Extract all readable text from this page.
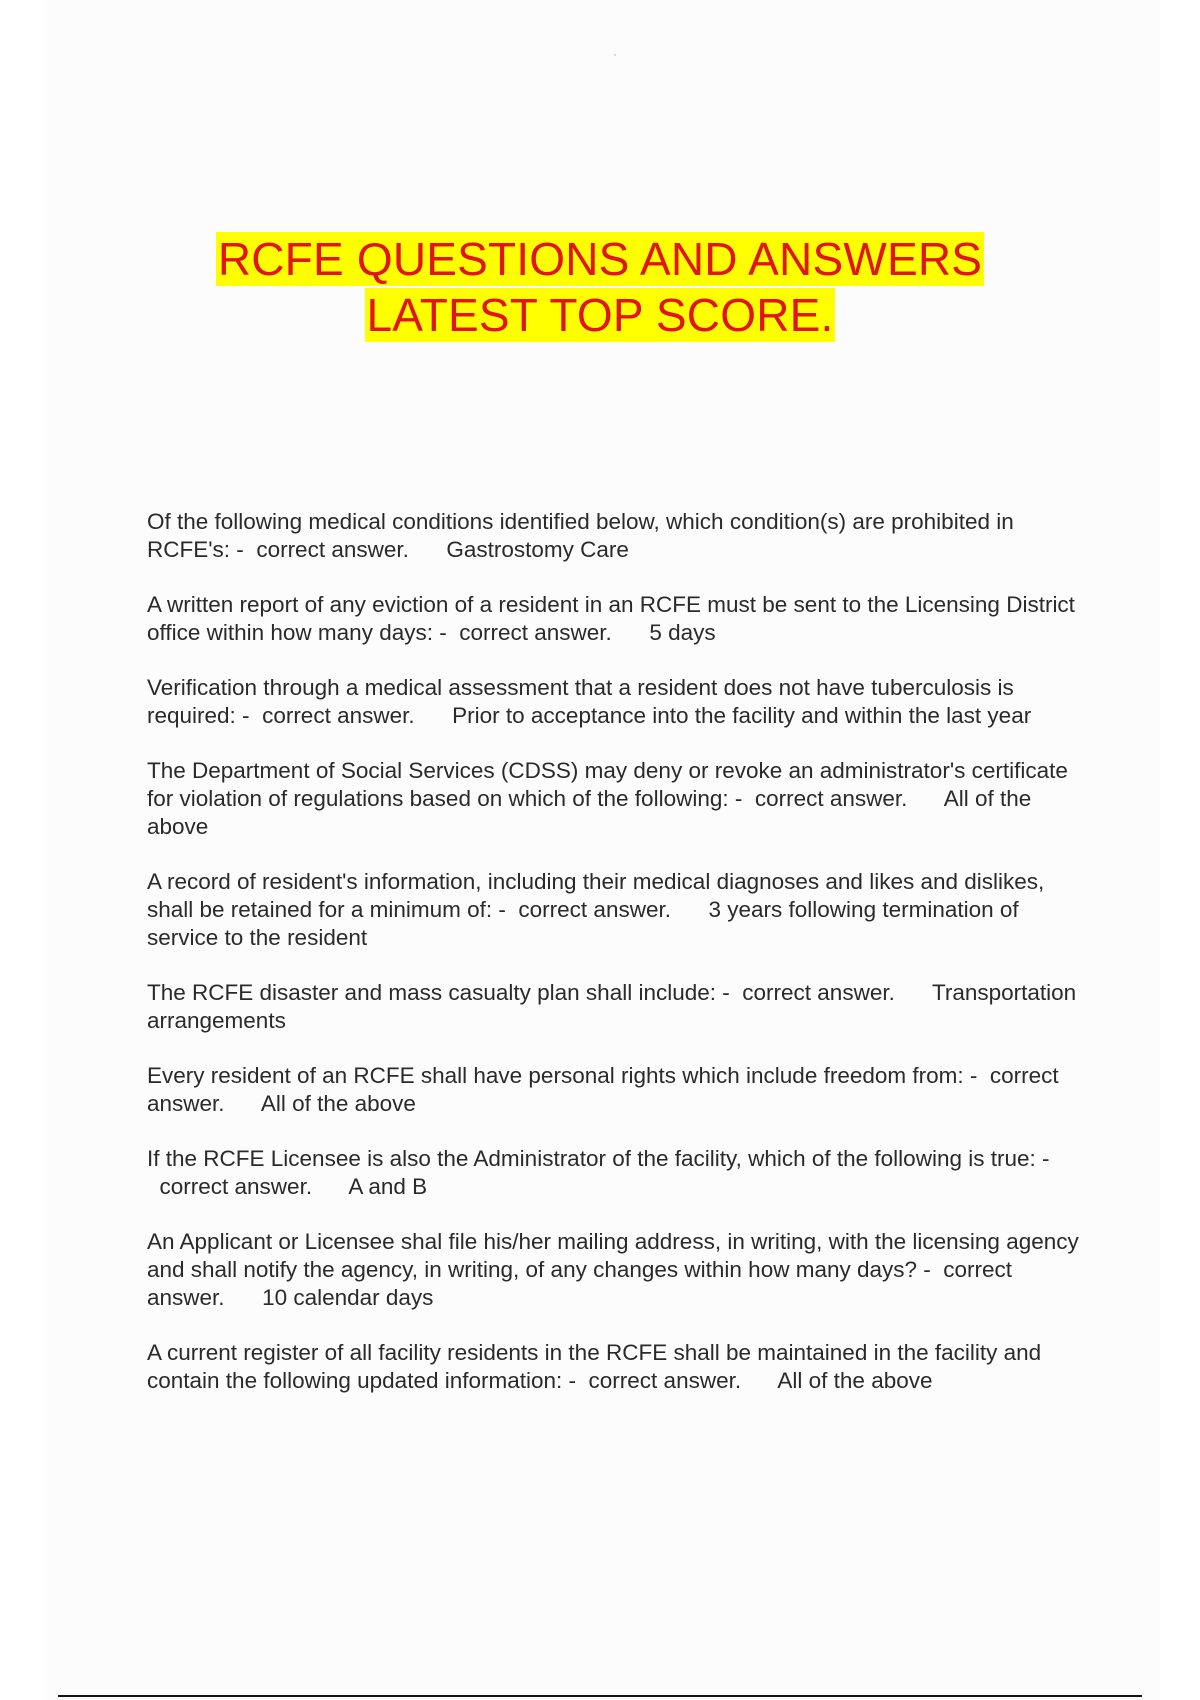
RCFE QUESTIONS AND ANSWERS
LATEST TOP SCORE.

Of the following medical conditions identified below, which condition(s) are prohibited in RCFE's: - correct answer. Gastrostomy Care

A written report of any eviction of a resident in an RCFE must be sent to the Licensing District office within how many days: - correct answer. 5 days

Verification through a medical assessment that a resident does not have tuberculosis is required: - correct answer. Prior to acceptance into the facility and within the last year

The Department of Social Services (CDSS) may deny or revoke an administrator's certificate for violation of regulations based on which of the following: - correct answer. All of the above

A record of resident's information, including their medical diagnoses and likes and dislikes, shall be retained for a minimum of: - correct answer. 3 years following termination of service to the resident

The RCFE disaster and mass casualty plan shall include: - correct answer. Transportation arrangements

Every resident of an RCFE shall have personal rights which include freedom from: - correct answer. All of the above

If the RCFE Licensee is also the Administrator of the facility, which of the following is true: -  correct answer. A and B

An Applicant or Licensee shal file his/her mailing address, in writing, with the licensing agency and shall notify the agency, in writing, of any changes within how many days? - correct answer. 10 calendar days

A current register of all facility residents in the RCFE shall be maintained in the facility and contain the following updated information: - correct answer. All of the above
